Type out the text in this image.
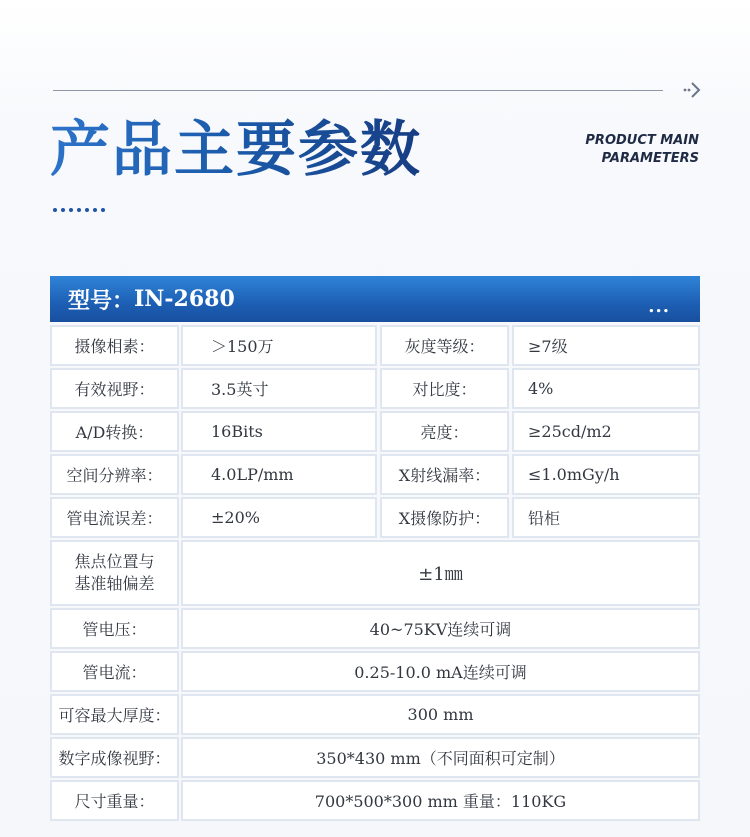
产品主要参数	PRODUCT MAIN
PARAMETERS
型号： IN-2680	...
摄像相素：	＞150万	灰度等级：	≥7级
有效视野：	3.5英寸	对比度：	4%
A/D转换：	16Bits	亮度：	≥25cd/m2
空间分辨率：	4.0LP/mm	X射线漏率：	≤1.0mGy/h
管电流误差：	±20%	X摄像防护：	铅柜
焦点位置与
基准轴偏差	±1㎜
管电压：	40~75KV连续可调
管电流：	0.25-10.0 mA连续可调
可容最大厚度：	300 mm
数字成像视野：	350*430 mm（不同面积可定制）
尺寸重量：	700*500*300 mm 重量：110KG
